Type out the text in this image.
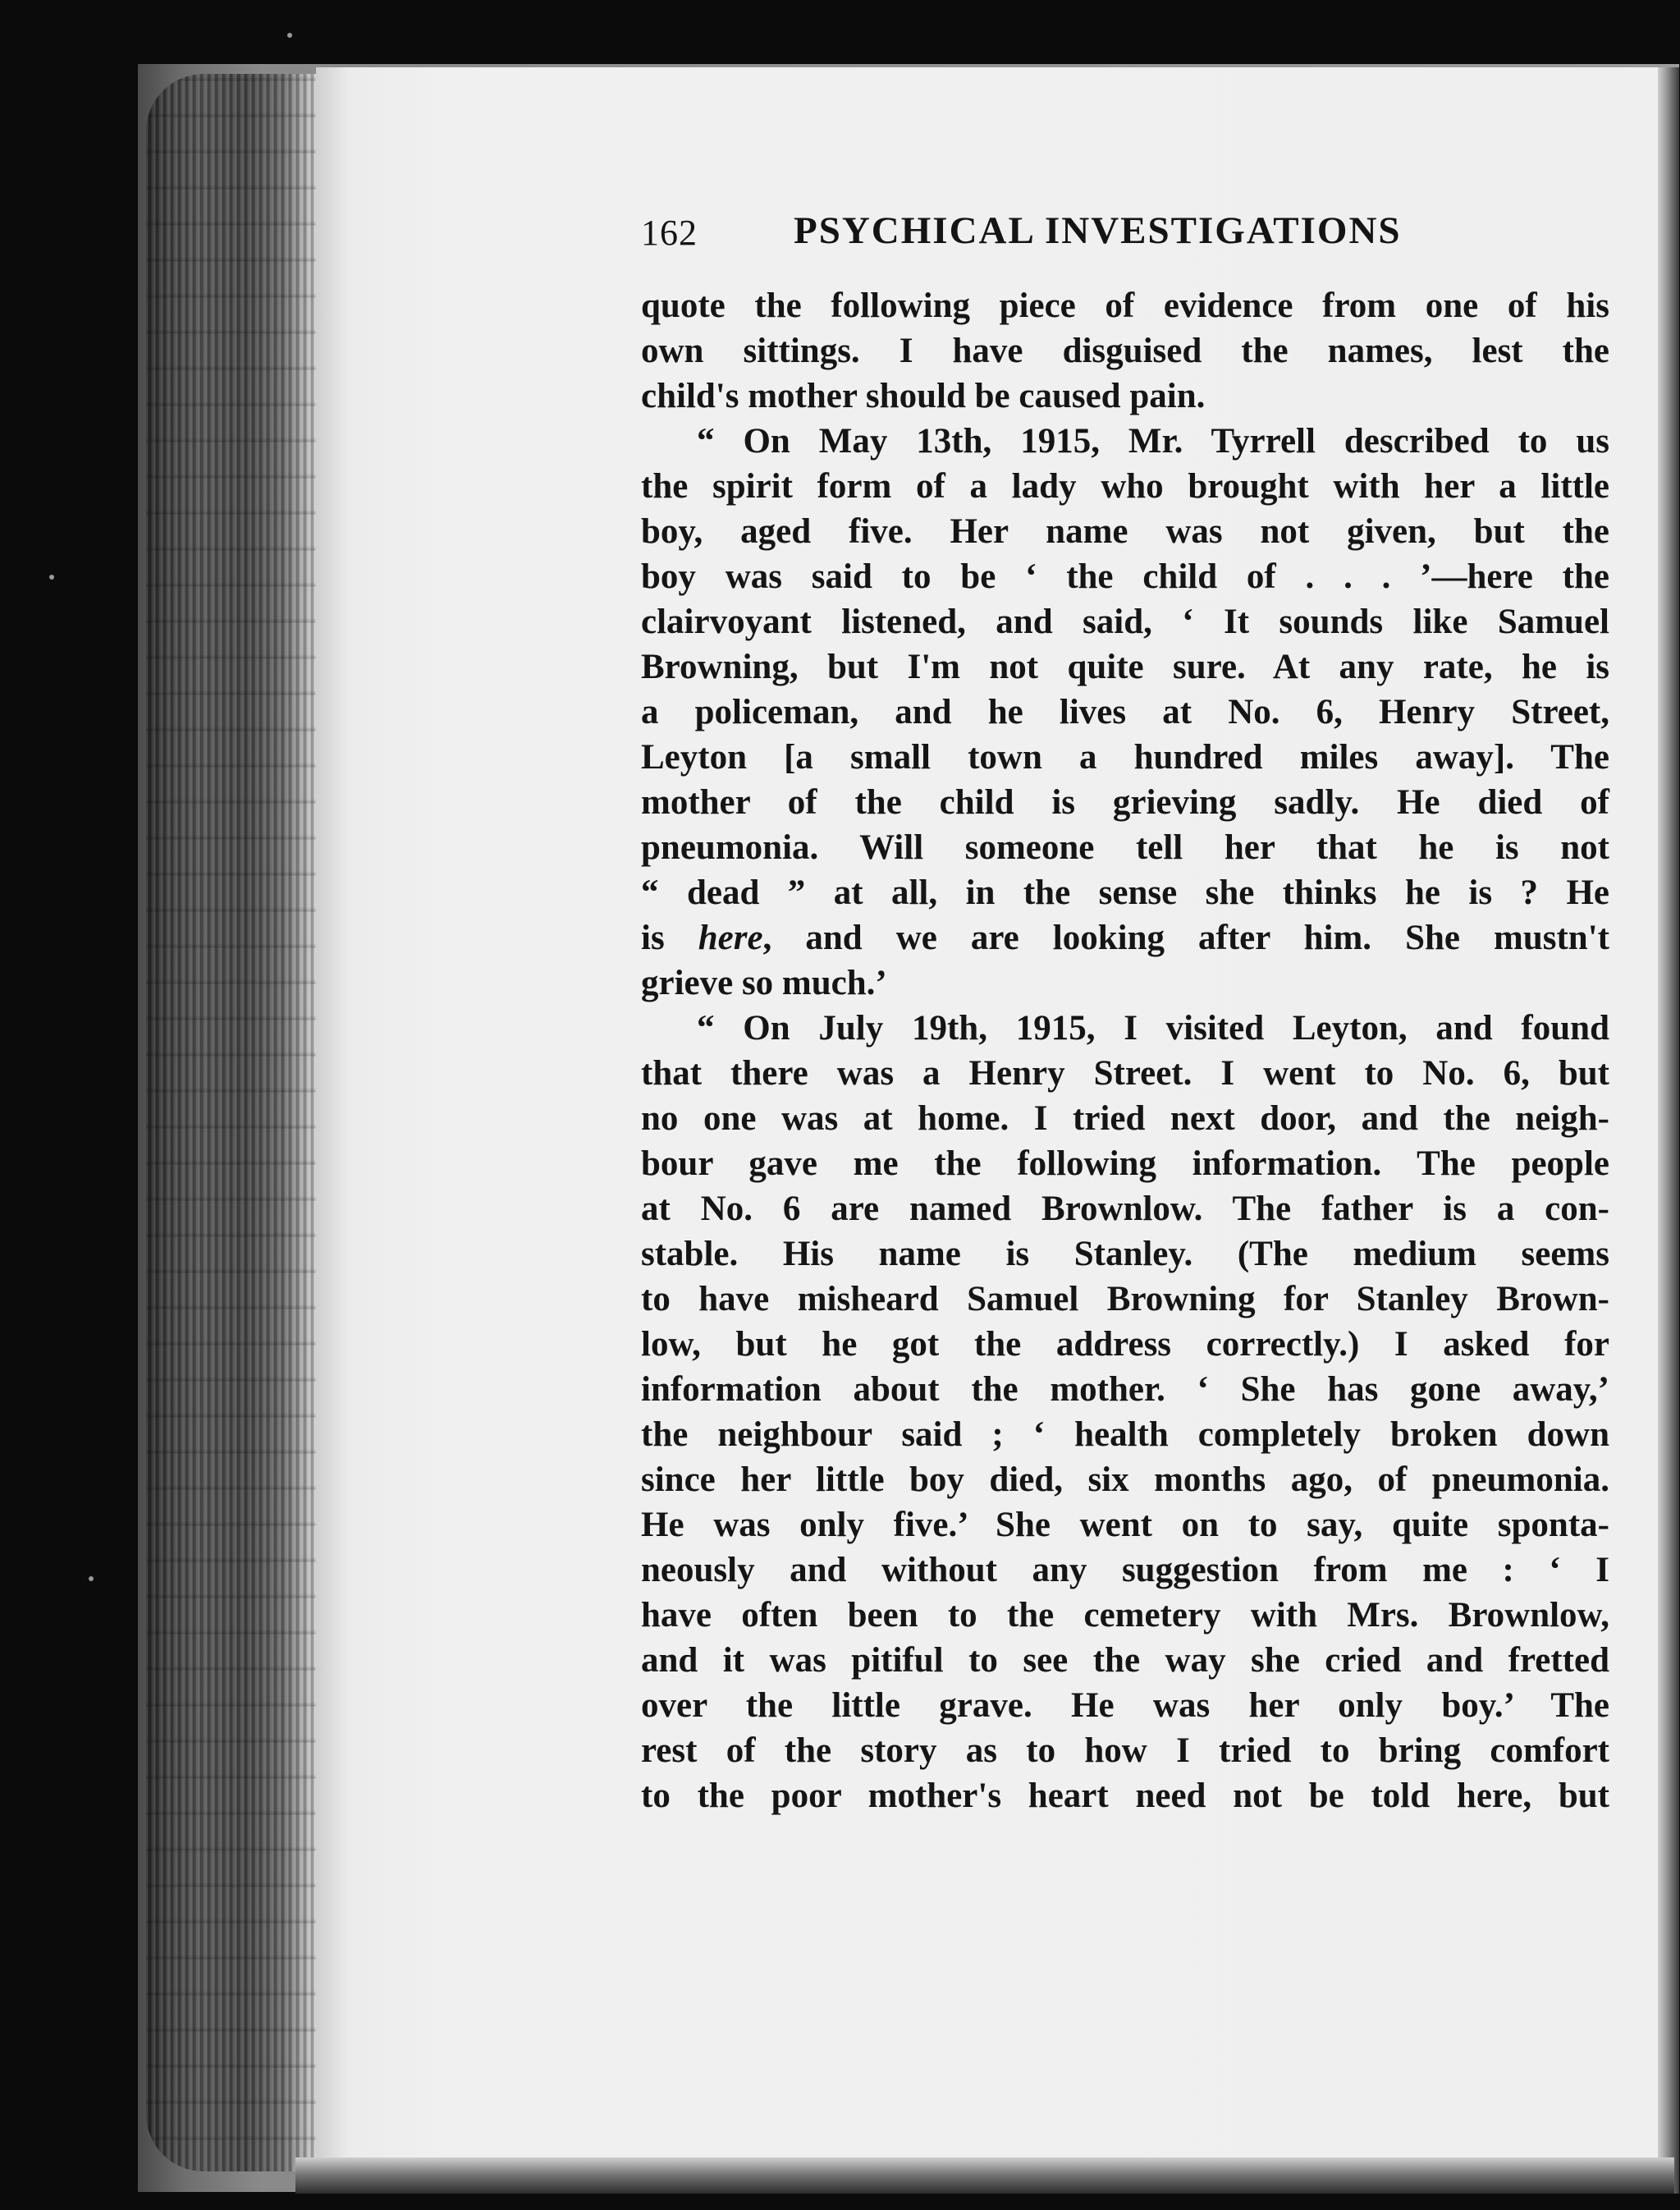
162 PSYCHICAL INVESTIGATIONS
quote the following piece of evidence from one of his
own sittings. I have disguised the names, lest the
child's mother should be caused pain.
“ On May 13th, 1915, Mr. Tyrrell described to us
the spirit form of a lady who brought with her a little
boy, aged five. Her name was not given, but the
boy was said to be ‘ the child of . . . ’—here the
clairvoyant listened, and said, ‘ It sounds like Samuel
Browning, but I'm not quite sure. At any rate, he is
a policeman, and he lives at No. 6, Henry Street,
Leyton [a small town a hundred miles away]. The
mother of the child is grieving sadly. He died of
pneumonia. Will someone tell her that he is not
“ dead ” at all, in the sense she thinks he is ? He
is here, and we are looking after him. She mustn't
grieve so much.’
“ On July 19th, 1915, I visited Leyton, and found
that there was a Henry Street. I went to No. 6, but
no one was at home. I tried next door, and the neigh-
bour gave me the following information. The people
at No. 6 are named Brownlow. The father is a con-
stable. His name is Stanley. (The medium seems
to have misheard Samuel Browning for Stanley Brown-
low, but he got the address correctly.) I asked for
information about the mother. ‘ She has gone away,’
the neighbour said ; ‘ health completely broken down
since her little boy died, six months ago, of pneumonia.
He was only five.’ She went on to say, quite sponta-
neously and without any suggestion from me : ‘ I
have often been to the cemetery with Mrs. Brownlow,
and it was pitiful to see the way she cried and fretted
over the little grave. He was her only boy.’ The
rest of the story as to how I tried to bring comfort
to the poor mother's heart need not be told here, but
